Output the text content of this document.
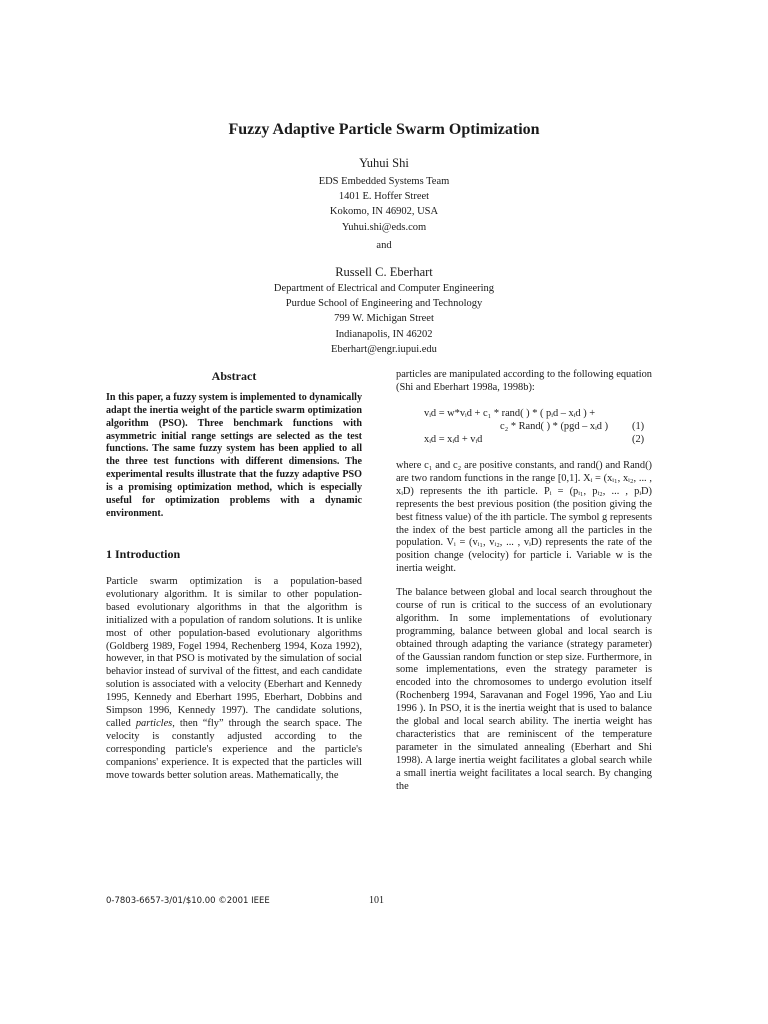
Fuzzy Adaptive Particle Swarm Optimization
Yuhui Shi
EDS Embedded Systems Team
1401 E. Hoffer Street
Kokomo, IN 46902, USA
Yuhui.shi@eds.com
and
Russell C. Eberhart
Department of Electrical and Computer Engineering
Purdue School of Engineering and Technology
799 W. Michigan Street
Indianapolis, IN 46202
Eberhart@engr.iupui.edu
Abstract
In this paper, a fuzzy system is implemented to dynamically adapt the inertia weight of the particle swarm optimization algorithm (PSO). Three benchmark functions with asymmetric initial range settings are selected as the test functions. The same fuzzy system has been applied to all the three test functions with different dimensions. The experimental results illustrate that the fuzzy adaptive PSO is a promising optimization method, which is especially useful for optimization problems with a dynamic environment.
1 Introduction
Particle swarm optimization is a population-based evolutionary algorithm. It is similar to other population-based evolutionary algorithms in that the algorithm is initialized with a population of random solutions. It is unlike most of other population-based evolutionary algorithms (Goldberg 1989, Fogel 1994, Rechenberg 1994, Koza 1992), however, in that PSO is motivated by the simulation of social behavior instead of survival of the fittest, and each candidate solution is associated with a velocity (Eberhart and Kennedy 1995, Kennedy and Eberhart 1995, Eberhart, Dobbins and Simpson 1996, Kennedy 1997). The candidate solutions, called particles, then “fly” through the search space. The velocity is constantly adjusted according to the corresponding particle's experience and the particle's companions' experience. It is expected that the particles will move towards better solution areas. Mathematically, the
particles are manipulated according to the following equation (Shi and Eberhart 1998a, 1998b):
vᵢd = w*vᵢd + c₁ * rand( ) * ( pᵢd – xᵢd ) +
c₂ * Rand( ) * (pgd – xᵢd ) (1)
xᵢd = xᵢd + vᵢd	(2)
where c₁ and c₂ are positive constants, and rand() and Rand() are two random functions in the range [0,1]. Xᵢ = (xᵢ₁, xᵢ₂, ... , xᵢD) represents the ith particle. Pᵢ = (pᵢ₁, pᵢ₂, ... , pᵢD) represents the best previous position (the position giving the best fitness value) of the ith particle. The symbol g represents the index of the best particle among all the particles in the population. Vᵢ = (vᵢ₁, vᵢ₂, ... , vᵢD) represents the rate of the position change (velocity) for particle i. Variable w is the inertia weight.
The balance between global and local search throughout the course of run is critical to the success of an evolutionary algorithm. In some implementations of evolutionary programming, balance between global and local search is obtained through adapting the variance (strategy parameter) of the Gaussian random function or step size. Furthermore, in some implementations, even the strategy parameter is encoded into the chromosomes to undergo evolution itself (Rochenberg 1994, Saravanan and Fogel 1996, Yao and Liu 1996 ). In PSO, it is the inertia weight that is used to balance the global and local search ability. The inertia weight has characteristics that are reminiscent of the temperature parameter in the simulated annealing (Eberhart and Shi 1998). A large inertia weight facilitates a global search while a small inertia weight facilitates a local search. By changing the
0-7803-6657-3/01/$10.00 ©2001 IEEE	101
